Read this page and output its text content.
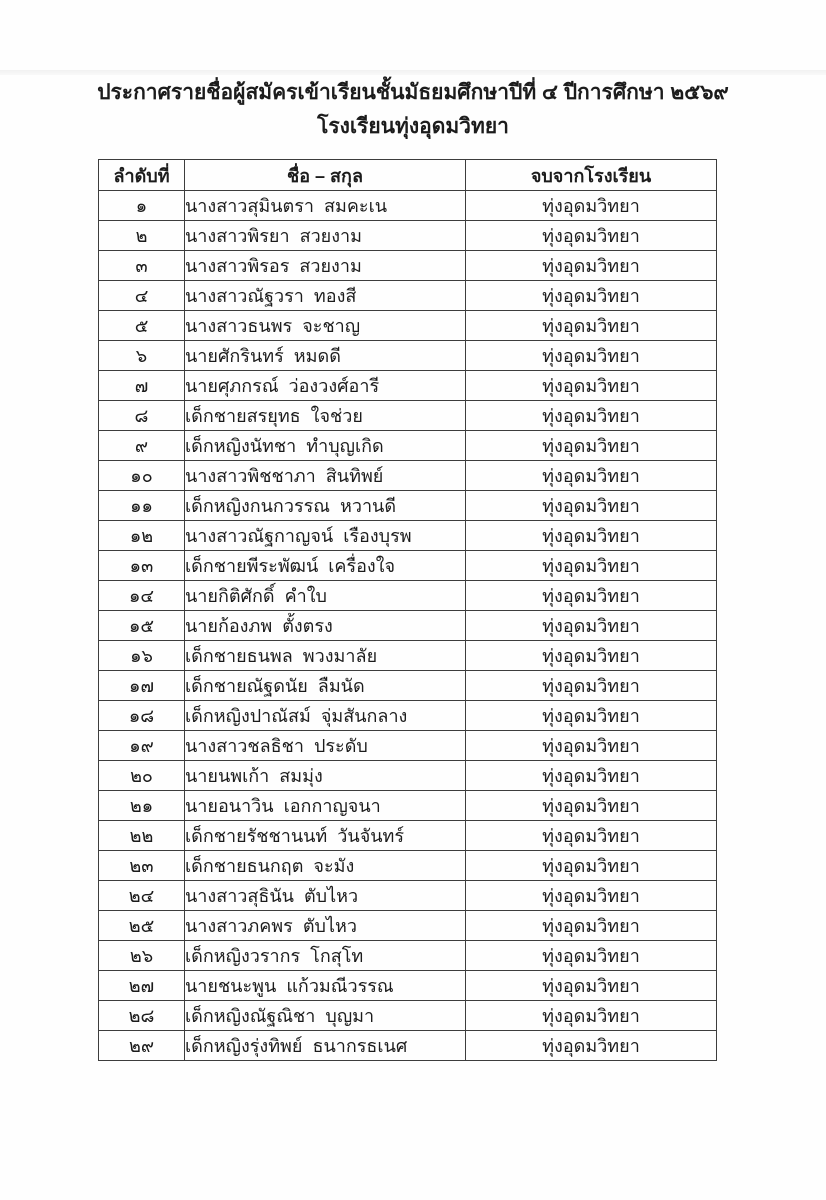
ประกาศรายชื่อผู้สมัครเข้าเรียนชั้นมัธยมศึกษาปีที่ ๔ ปีการศึกษา ๒๕๖๙

โรงเรียนทุ่งอุดมวิทยา

ลำดับที่	ชื่อ – สกุล	จบจากโรงเรียน
๑	นางสาวสุมินตรา  สมคะเน	ทุ่งอุดมวิทยา
๒	นางสาวพิรยา  สวยงาม	ทุ่งอุดมวิทยา
๓	นางสาวพิรอร  สวยงาม	ทุ่งอุดมวิทยา
๔	นางสาวณัฐวรา  ทองสี	ทุ่งอุดมวิทยา
๕	นางสาวธนพร  จะชาญ	ทุ่งอุดมวิทยา
๖	นายศักรินทร์  หมดดี	ทุ่งอุดมวิทยา
๗	นายศุภกรณ์  ว่องวงศ์อารี	ทุ่งอุดมวิทยา
๘	เด็กชายสรยุทธ  ใจช่วย	ทุ่งอุดมวิทยา
๙	เด็กหญิงนัทชา  ทำบุญเกิด	ทุ่งอุดมวิทยา
๑๐	นางสาวพิชชาภา  สินทิพย์	ทุ่งอุดมวิทยา
๑๑	เด็กหญิงกนกวรรณ  หวานดี	ทุ่งอุดมวิทยา
๑๒	นางสาวณัฐกาญจน์  เรืองบุรพ	ทุ่งอุดมวิทยา
๑๓	เด็กชายพีระพัฒน์  เครื่องใจ	ทุ่งอุดมวิทยา
๑๔	นายกิติศักดิ์  คำใบ	ทุ่งอุดมวิทยา
๑๕	นายก้องภพ  ตั้งตรง	ทุ่งอุดมวิทยา
๑๖	เด็กชายธนพล  พวงมาลัย	ทุ่งอุดมวิทยา
๑๗	เด็กชายณัฐดนัย  ลืมนัด	ทุ่งอุดมวิทยา
๑๘	เด็กหญิงปาณัสม์  จุ่มสันกลาง	ทุ่งอุดมวิทยา
๑๙	นางสาวชลธิชา  ประดับ	ทุ่งอุดมวิทยา
๒๐	นายนพเก้า  สมมุ่ง	ทุ่งอุดมวิทยา
๒๑	นายอนาวิน  เอกกาญจนา	ทุ่งอุดมวิทยา
๒๒	เด็กชายรัชชานนท์  วันจันทร์	ทุ่งอุดมวิทยา
๒๓	เด็กชายธนกฤต  จะมัง	ทุ่งอุดมวิทยา
๒๔	นางสาวสุธินัน  ตับไหว	ทุ่งอุดมวิทยา
๒๕	นางสาวภคพร  ตับไหว	ทุ่งอุดมวิทยา
๒๖	เด็กหญิงวรากร  โกสุโท	ทุ่งอุดมวิทยา
๒๗	นายชนะพูน  แก้วมณีวรรณ	ทุ่งอุดมวิทยา
๒๘	เด็กหญิงณัฐณิชา  บุญมา	ทุ่งอุดมวิทยา
๒๙	เด็กหญิงรุ่งทิพย์  ธนากรธเนศ	ทุ่งอุดมวิทยา
